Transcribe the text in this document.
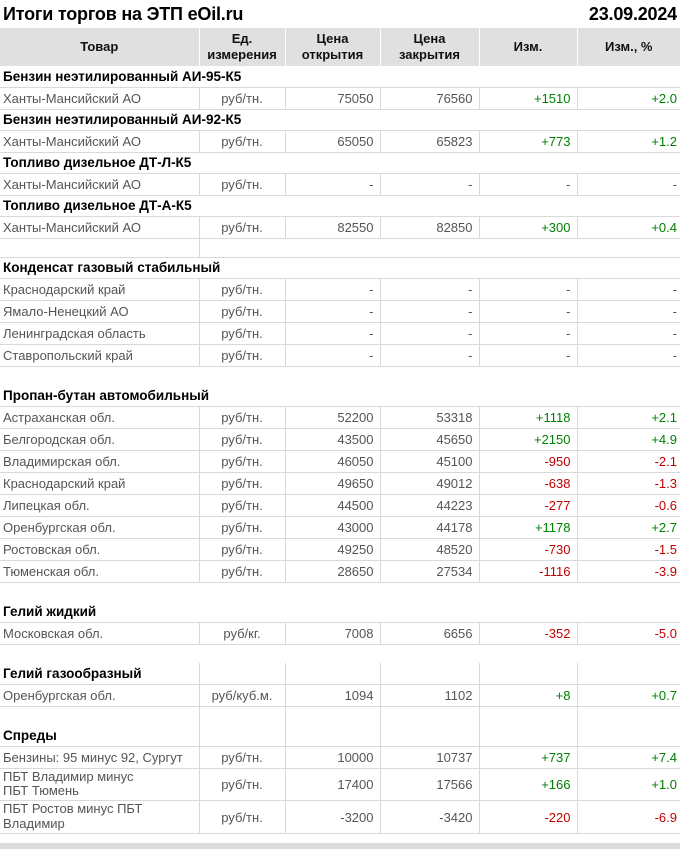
Итоги торгов на ЭТП eOil.ru	23.09.2024
Товар	Ед. измерения	Цена открытия	Цена закрытия	Изм.	Изм., %
Бензин неэтилированный АИ-95-К5					
Ханты-Мансийский АО	руб/тн.	75050	76560	+1510	+2.0
Бензин неэтилированный АИ-92-К5					
Ханты-Мансийский АО	руб/тн.	65050	65823	+773	+1.2
Топливо дизельное ДТ-Л-К5					
Ханты-Мансийский АО	руб/тн.	-	-	-	-
Топливо дизельное ДТ-А-К5					
Ханты-Мансийский АО	руб/тн.	82550	82850	+300	+0.4

Конденсат газовый стабильный					
Краснодарский край	руб/тн.	-	-	-	-
Ямало-Ненецкий АО	руб/тн.	-	-	-	-
Ленинградская область	руб/тн.	-	-	-	-
Ставропольский край	руб/тн.	-	-	-	-

Пропан-бутан автомобильный					
Астраханская обл.	руб/тн.	52200	53318	+1118	+2.1
Белгородская обл.	руб/тн.	43500	45650	+2150	+4.9
Владимирская обл.	руб/тн.	46050	45100	-950	-2.1
Краснодарский край	руб/тн.	49650	49012	-638	-1.3
Липецкая обл.	руб/тн.	44500	44223	-277	-0.6
Оренбургская обл.	руб/тн.	43000	44178	+1178	+2.7
Ростовская обл.	руб/тн.	49250	48520	-730	-1.5
Тюменская обл.	руб/тн.	28650	27534	-1116	-3.9

Гелий жидкий					
Московская обл.	руб/кг.	7008	6656	-352	-5.0

Гелий газообразный					
Оренбургская обл.	руб/куб.м.	1094	1102	+8	+0.7

Спреды					
Бензины: 95 минус 92, Сургут	руб/тн.	10000	10737	+737	+7.4
ПБТ Владимир минус ПБТ Тюмень	руб/тн.	17400	17566	+166	+1.0
ПБТ Ростов минус ПБТ Владимир	руб/тн.	-3200	-3420	-220	-6.9
